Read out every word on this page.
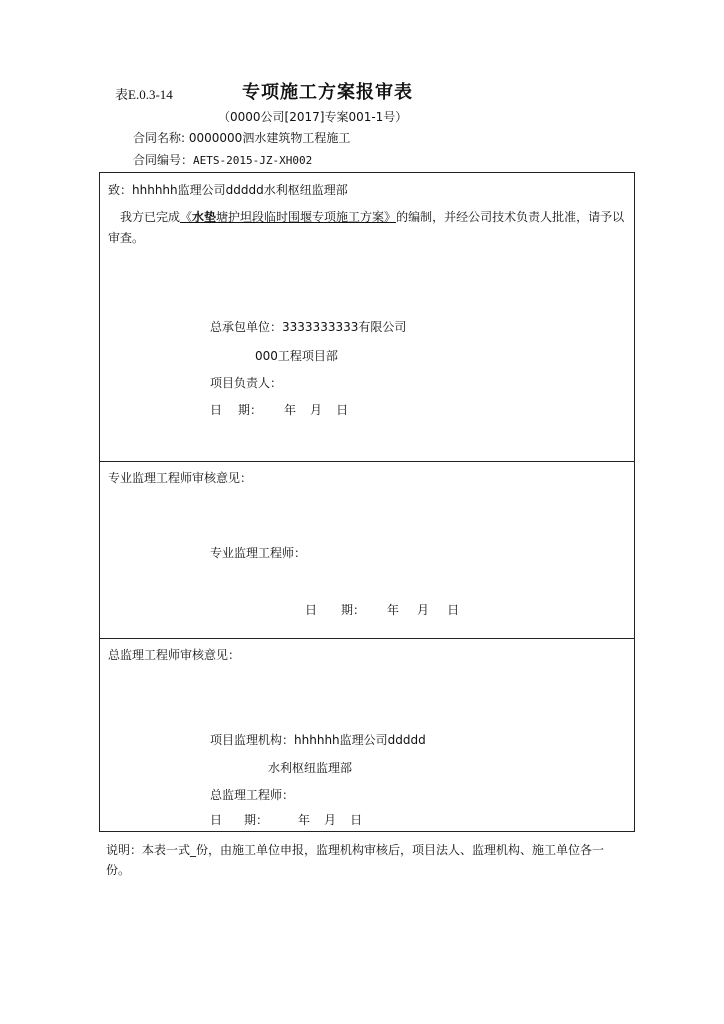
表E.0.3-14	专项施工方案报审表
（0000公司[2017]专案001-1号）
合同名称: 0000000泗水建筑物工程施工
合同编号：AETS-2015-JZ-XH002
致：hhhhhh监理公司ddddd水利枢纽监理部
我方已完成《水垫塘护坦段临时围堰专项施工方案》的编制，并经公司技术负责人批准，请予以审查。
总承包单位：3333333333有限公司
000工程项目部
项目负责人：
日 期： 年 月 日
专业监理工程师审核意见：
专业监理工程师：
日 期： 年 月 日
总监理工程师审核意见：
项目监理机构：hhhhhh监理公司ddddd
水利枢纽监理部
总监理工程师：
日 期：	年 月 日
说明：本表一式_份，由施工单位申报，监理机构审核后，项目法人、监理机构、施工单位各一份。
